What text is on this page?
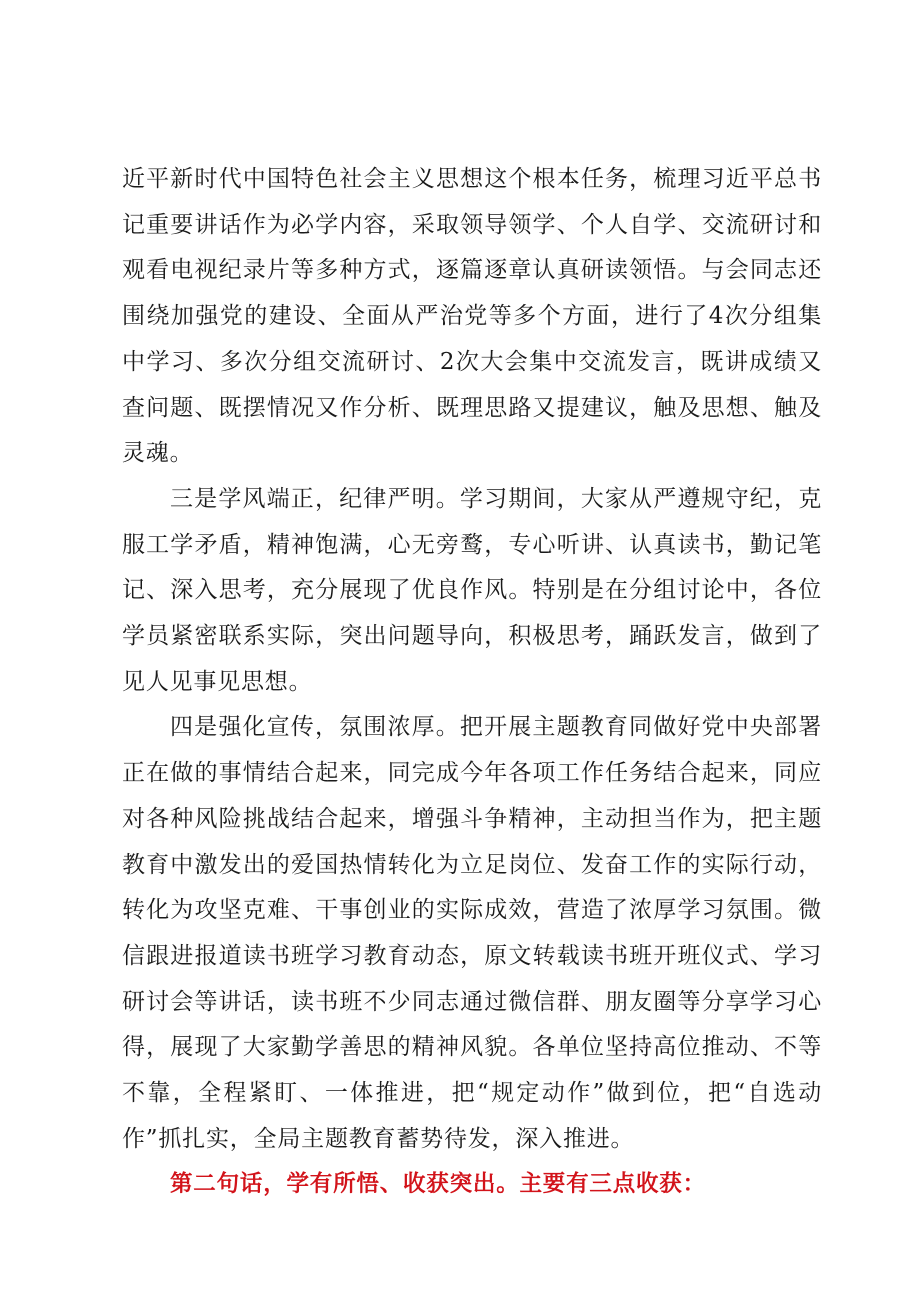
近平新时代中国特色社会主义思想这个根本任务，梳理习近平总书记重要讲话作为必学内容，采取领导领学、个人自学、交流研讨和观看电视纪录片等多种方式，逐篇逐章认真研读领悟。与会同志还围绕加强党的建设、全面从严治党等多个方面，进行了4次分组集中学习、多次分组交流研讨、2次大会集中交流发言，既讲成绩又查问题、既摆情况又作分析、既理思路又提建议，触及思想、触及灵魂。

三是学风端正，纪律严明。学习期间，大家从严遵规守纪，克服工学矛盾，精神饱满，心无旁鹜，专心听讲、认真读书，勤记笔记、深入思考，充分展现了优良作风。特别是在分组讨论中，各位学员紧密联系实际，突出问题导向，积极思考，踊跃发言，做到了见人见事见思想。

四是强化宣传，氛围浓厚。把开展主题教育同做好党中央部署正在做的事情结合起来，同完成今年各项工作任务结合起来，同应对各种风险挑战结合起来，增强斗争精神，主动担当作为，把主题教育中激发出的爱国热情转化为立足岗位、发奋工作的实际行动，转化为攻坚克难、干事创业的实际成效，营造了浓厚学习氛围。微信跟进报道读书班学习教育动态，原文转载读书班开班仪式、学习研讨会等讲话，读书班不少同志通过微信群、朋友圈等分享学习心得，展现了大家勤学善思的精神风貌。各单位坚持高位推动、不等不靠，全程紧盯、一体推进，把“规定动作”做到位，把“自选动作”抓扎实，全局主题教育蓄势待发，深入推进。

第二句话，学有所悟、收获突出。主要有三点收获：
